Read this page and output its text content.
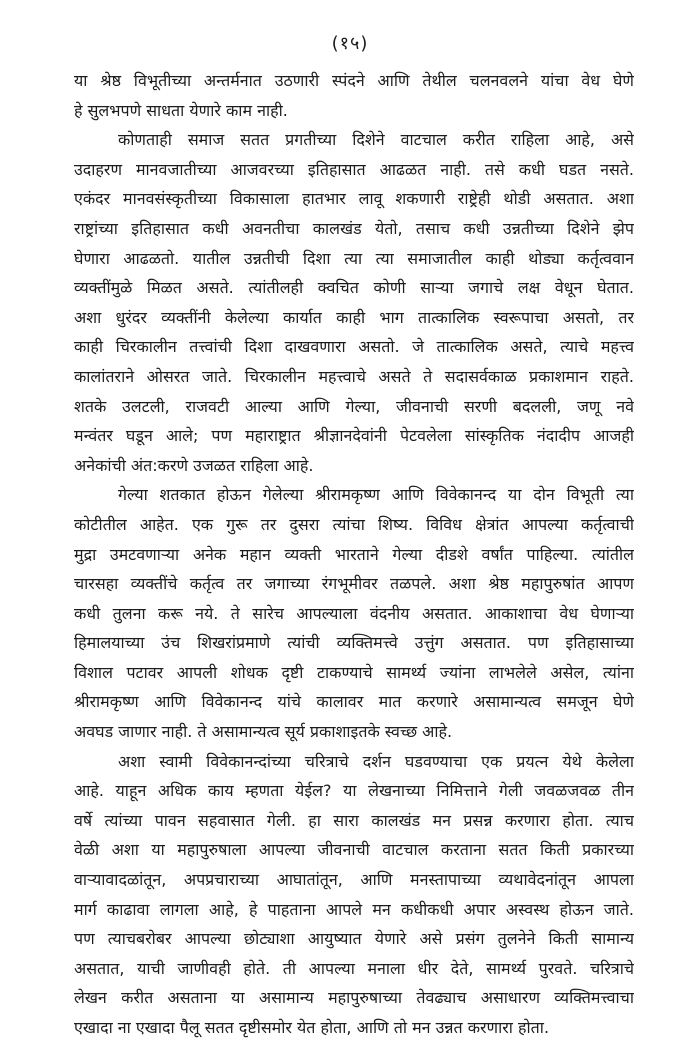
(१५)
या श्रेष्ठ विभूतीच्या अन्तर्मनात उठणारी स्पंदने आणि तेथील चलनवलने यांचा वेध घेणे
हे सुलभपणे साधता येणारे काम नाही.
कोणताही समाज सतत प्रगतीच्या दिशेने वाटचाल करीत राहिला आहे, असे
उदाहरण मानवजातीच्या आजवरच्या इतिहासात आढळत नाही. तसे कधी घडत नसते.
एकंदर मानवसंस्कृतीच्या विकासाला हातभार लावू शकणारी राष्ट्रेही थोडी असतात. अशा
राष्ट्रांच्या इतिहासात कधी अवनतीचा कालखंड येतो, तसाच कधी उन्नतीच्या दिशेने झेप
घेणारा आढळतो. यातील उन्नतीची दिशा त्या त्या समाजातील काही थोड्या कर्तृत्ववान
व्यक्तींमुळे मिळत असते. त्यांतीलही क्वचित कोणी साऱ्या जगाचे लक्ष वेधून घेतात.
अशा धुरंदर व्यक्तींनी केलेल्या कार्यात काही भाग तात्कालिक स्वरूपाचा असतो, तर
काही चिरकालीन तत्त्वांची दिशा दाखवणारा असतो. जे तात्कालिक असते, त्याचे महत्त्व
कालांतराने ओसरत जाते. चिरकालीन महत्त्वाचे असते ते सदासर्वकाळ प्रकाशमान राहते.
शतके उलटली, राजवटी आल्या आणि गेल्या, जीवनाची सरणी बदलली, जणू नवे
मन्वंतर घडून आले; पण महाराष्ट्रात श्रीज्ञानदेवांनी पेटवलेला सांस्कृतिक नंदादीप आजही
अनेकांची अंत:करणे उजळत राहिला आहे.
गेल्या शतकात होऊन गेलेल्या श्रीरामकृष्ण आणि विवेकानन्द या दोन विभूती त्या
कोटीतील आहेत. एक गुरू तर दुसरा त्यांचा शिष्य. विविध क्षेत्रांत आपल्या कर्तृत्वाची
मुद्रा उमटवणाऱ्या अनेक महान व्यक्ती भारताने गेल्या दीडशे वर्षांत पाहिल्या. त्यांतील
चारसहा व्यक्तींचे कर्तृत्व तर जगाच्या रंगभूमीवर तळपले. अशा श्रेष्ठ महापुरुषांत आपण
कधी तुलना करू नये. ते सारेच आपल्याला वंदनीय असतात. आकाशाचा वेध घेणाऱ्या
हिमालयाच्या उंच शिखरांप्रमाणे त्यांची व्यक्तिमत्त्वे उत्तुंग असतात. पण इतिहासाच्या
विशाल पटावर आपली शोधक दृष्टी टाकण्याचे सामर्थ्य ज्यांना लाभलेले असेल, त्यांना
श्रीरामकृष्ण आणि विवेकानन्द यांचे कालावर मात करणारे असामान्यत्व समजून घेणे
अवघड जाणार नाही. ते असामान्यत्व सूर्य प्रकाशाइतके स्वच्छ आहे.
अशा स्वामी विवेकानन्दांच्या चरित्राचे दर्शन घडवण्याचा एक प्रयत्न येथे केलेला
आहे. याहून अधिक काय म्हणता येईल? या लेखनाच्या निमित्ताने गेली जवळजवळ तीन
वर्षे त्यांच्या पावन सहवासात गेली. हा सारा कालखंड मन प्रसन्न करणारा होता. त्याच
वेळी अशा या महापुरुषाला आपल्या जीवनाची वाटचाल करताना सतत किती प्रकारच्या
वाऱ्यावादळांतून, अपप्रचाराच्या आघातांतून, आणि मनस्तापाच्या व्यथावेदनांतून आपला
मार्ग काढावा लागला आहे, हे पाहताना आपले मन कधीकधी अपार अस्वस्थ होऊन जाते.
पण त्याचबरोबर आपल्या छोट्याशा आयुष्यात येणारे असे प्रसंग तुलनेने किती सामान्य
असतात, याची जाणीवही होते. ती आपल्या मनाला धीर देते, सामर्थ्य पुरवते. चरित्राचे
लेखन करीत असताना या असामान्य महापुरुषाच्या तेवढ्याच असाधारण व्यक्तिमत्त्वाचा
एखादा ना एखादा पैलू सतत दृष्टीसमोर येत होता, आणि तो मन उन्नत करणारा होता.
